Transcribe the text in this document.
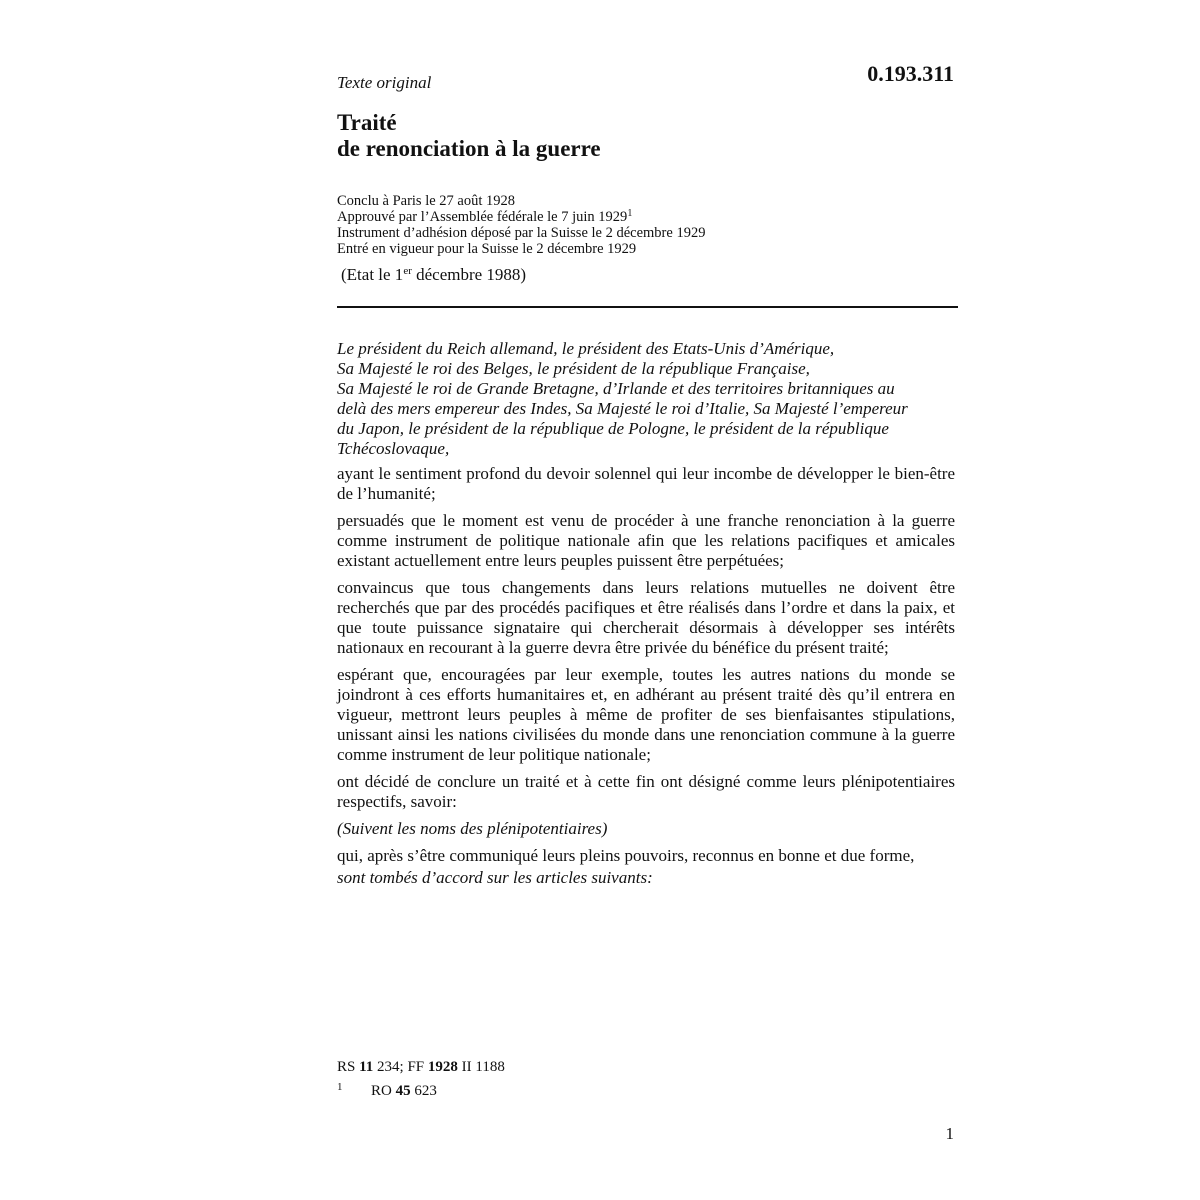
Texte original	0.193.311
Traité
de renonciation à la guerre
Conclu à Paris le 27 août 1928
Approuvé par l’Assemblée fédérale le 7 juin 1929$^1$
Instrument d’adhésion déposé par la Suisse le 2 décembre 1929
Entré en vigueur pour la Suisse le 2 décembre 1929
(Etat le 1er décembre 1988)
Le président du Reich allemand, le président des Etats-Unis d’Amérique,
Sa Majesté le roi des Belges, le président de la république Française,
Sa Majesté le roi de Grande Bretagne, d’Irlande et des territoires britanniques au
delà des mers empereur des Indes, Sa Majesté le roi d’Italie, Sa Majesté l’empereur
du Japon, le président de la république de Pologne, le président de la république
Tchécoslovaque,
ayant le sentiment profond du devoir solennel qui leur incombe de développer le bien-être de l’humanité;
persuadés que le moment est venu de procéder à une franche renonciation à la guerre comme instrument de politique nationale afin que les relations pacifiques et amicales existant actuellement entre leurs peuples puissent être perpétuées;
convaincus que tous changements dans leurs relations mutuelles ne doivent être recherchés que par des procédés pacifiques et être réalisés dans l’ordre et dans la paix, et que toute puissance signataire qui chercherait désormais à développer ses intérêts nationaux en recourant à la guerre devra être privée du bénéfice du présent traité;
espérant que, encouragées par leur exemple, toutes les autres nations du monde se joindront à ces efforts humanitaires et, en adhérant au présent traité dès qu’il entrera en vigueur, mettront leurs peuples à même de profiter de ses bienfaisantes stipulations, unissant ainsi les nations civilisées du monde dans une renonciation commune à la guerre comme instrument de leur politique nationale;
ont décidé de conclure un traité et à cette fin ont désigné comme leurs plénipotentiaires respectifs, savoir:
(Suivent les noms des plénipotentiaires)
qui, après s’être communiqué leurs pleins pouvoirs, reconnus en bonne et due forme,
sont tombés d’accord sur les articles suivants:
RS 11 234; FF 1928 II 1188
1 RO 45 623
1
